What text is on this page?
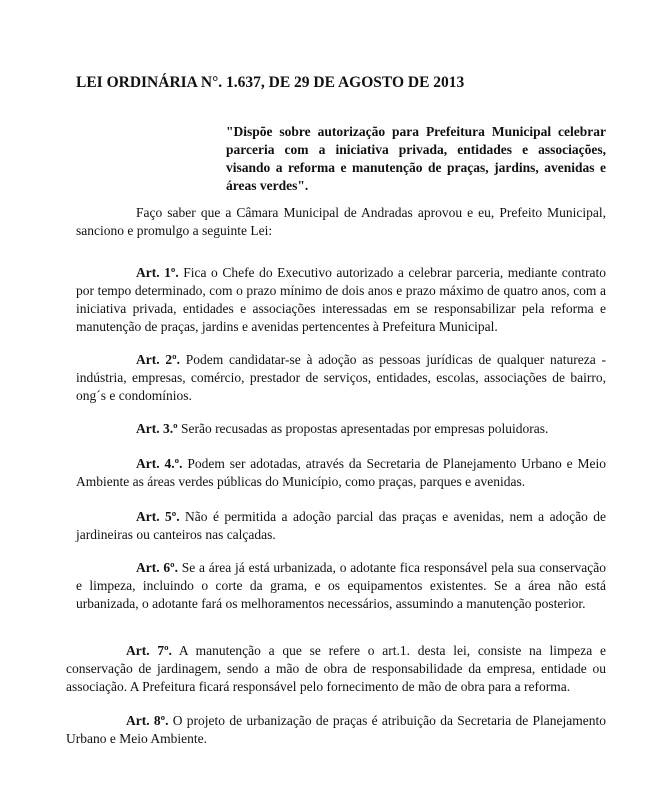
LEI ORDINÁRIA N°. 1.637, DE 29 DE AGOSTO DE 2013

"Dispõe sobre autorização para Prefeitura Municipal celebrar parceria com a iniciativa privada, entidades e associações, visando a reforma e manutenção de praças, jardins, avenidas e áreas verdes".

Faço saber que a Câmara Municipal de Andradas aprovou e eu, Prefeito Municipal, sanciono e promulgo a seguinte Lei:

Art. 1º. Fica o Chefe do Executivo autorizado a celebrar parceria, mediante contrato por tempo determinado, com o prazo mínimo de dois anos e prazo máximo de quatro anos, com a iniciativa privada, entidades e associações interessadas em se responsabilizar pela reforma e manutenção de praças, jardins e avenidas pertencentes à Prefeitura Municipal.

Art. 2º. Podem candidatar-se à adoção as pessoas jurídicas de qualquer natureza - indústria, empresas, comércio, prestador de serviços, entidades, escolas, associações de bairro, ong´s e condomínios.

Art. 3.º Serão recusadas as propostas apresentadas por empresas poluidoras.

Art. 4.º. Podem ser adotadas, através da Secretaria de Planejamento Urbano e Meio Ambiente as áreas verdes públicas do Município, como praças, parques e avenidas.

Art. 5º. Não é permitida a adoção parcial das praças e avenidas, nem a adoção de jardineiras ou canteiros nas calçadas.

Art. 6º. Se a área já está urbanizada, o adotante fica responsável pela sua conservação e limpeza, incluindo o corte da grama, e os equipamentos existentes. Se a área não está urbanizada, o adotante fará os melhoramentos necessários, assumindo a manutenção posterior.

Art. 7º. A manutenção a que se refere o art.1. desta lei, consiste na limpeza e conservação de jardinagem, sendo a mão de obra de responsabilidade da empresa, entidade ou associação. A Prefeitura ficará responsável pelo fornecimento de mão de obra para a reforma.

Art. 8º. O projeto de urbanização de praças é atribuição da Secretaria de Planejamento Urbano e Meio Ambiente.
